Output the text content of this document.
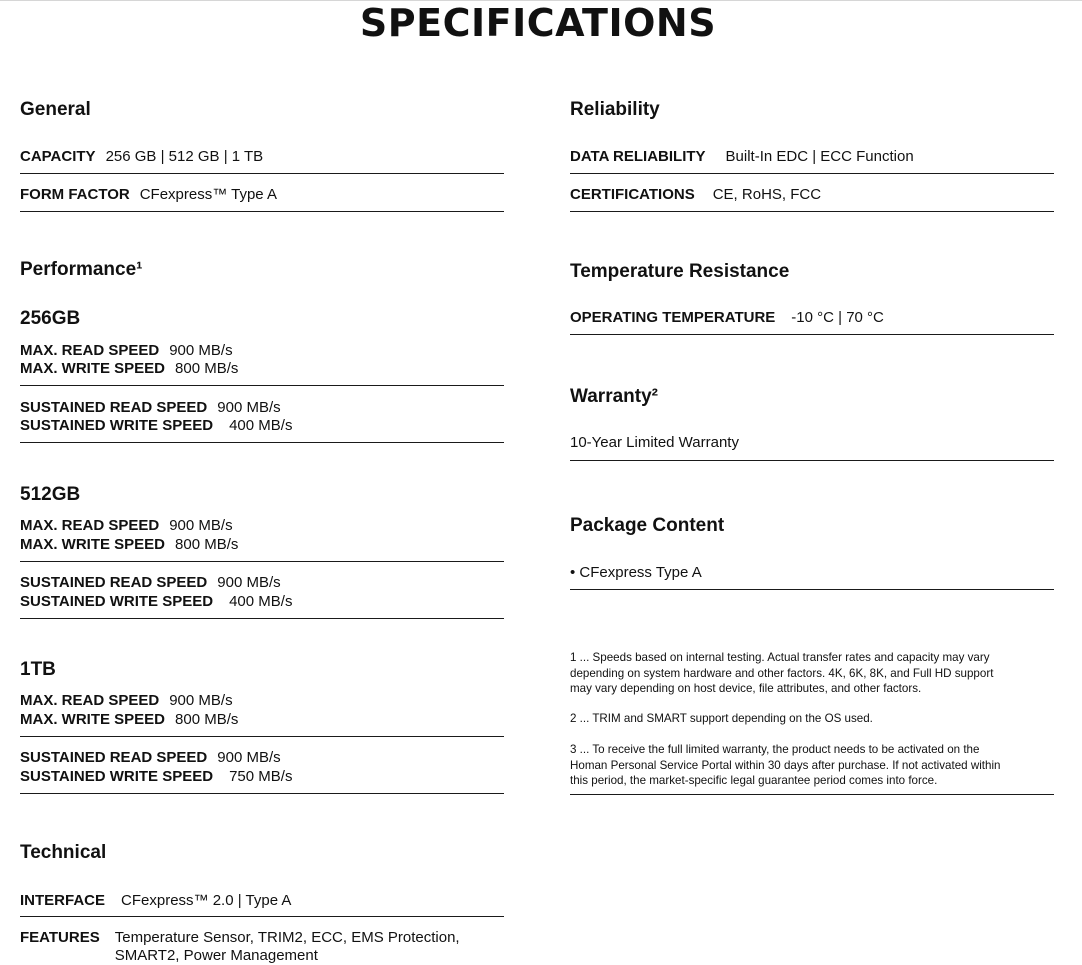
SPECIFICATIONS
General
CAPACITY 256 GB | 512 GB | 1 TB
FORM FACTOR CFexpress™ Type A
Performance¹
256GB
MAX. READ SPEED 900 MB/s
MAX. WRITE SPEED 800 MB/s
SUSTAINED READ SPEED 900 MB/s
SUSTAINED WRITE SPEED 400 MB/s
512GB
MAX. READ SPEED 900 MB/s
MAX. WRITE SPEED 800 MB/s
SUSTAINED READ SPEED 900 MB/s
SUSTAINED WRITE SPEED 400 MB/s
1TB
MAX. READ SPEED 900 MB/s
MAX. WRITE SPEED 800 MB/s
SUSTAINED READ SPEED 900 MB/s
SUSTAINED WRITE SPEED 750 MB/s
Technical
INTERFACE CFexpress™ 2.0 | Type A
FEATURES Temperature Sensor, TRIM2, ECC, EMS Protection,
SMART2, Power Management
Reliability
DATA RELIABILITY Built-In EDC | ECC Function
CERTIFICATIONS CE, RoHS, FCC
Temperature Resistance
OPERATING TEMPERATURE -10 °C | 70 °C
Warranty²
10-Year Limited Warranty
Package Content
• CFexpress Type A
1 ... Speeds based on internal testing. Actual transfer rates and capacity may vary
depending on system hardware and other factors. 4K, 6K, 8K, and Full HD support
may vary depending on host device, file attributes, and other factors.
2 ... TRIM and SMART support depending on the OS used.
3 ... To receive the full limited warranty, the product needs to be activated on the
Homan Personal Service Portal within 30 days after purchase. If not activated within
this period, the market-specific legal guarantee period comes into force.
